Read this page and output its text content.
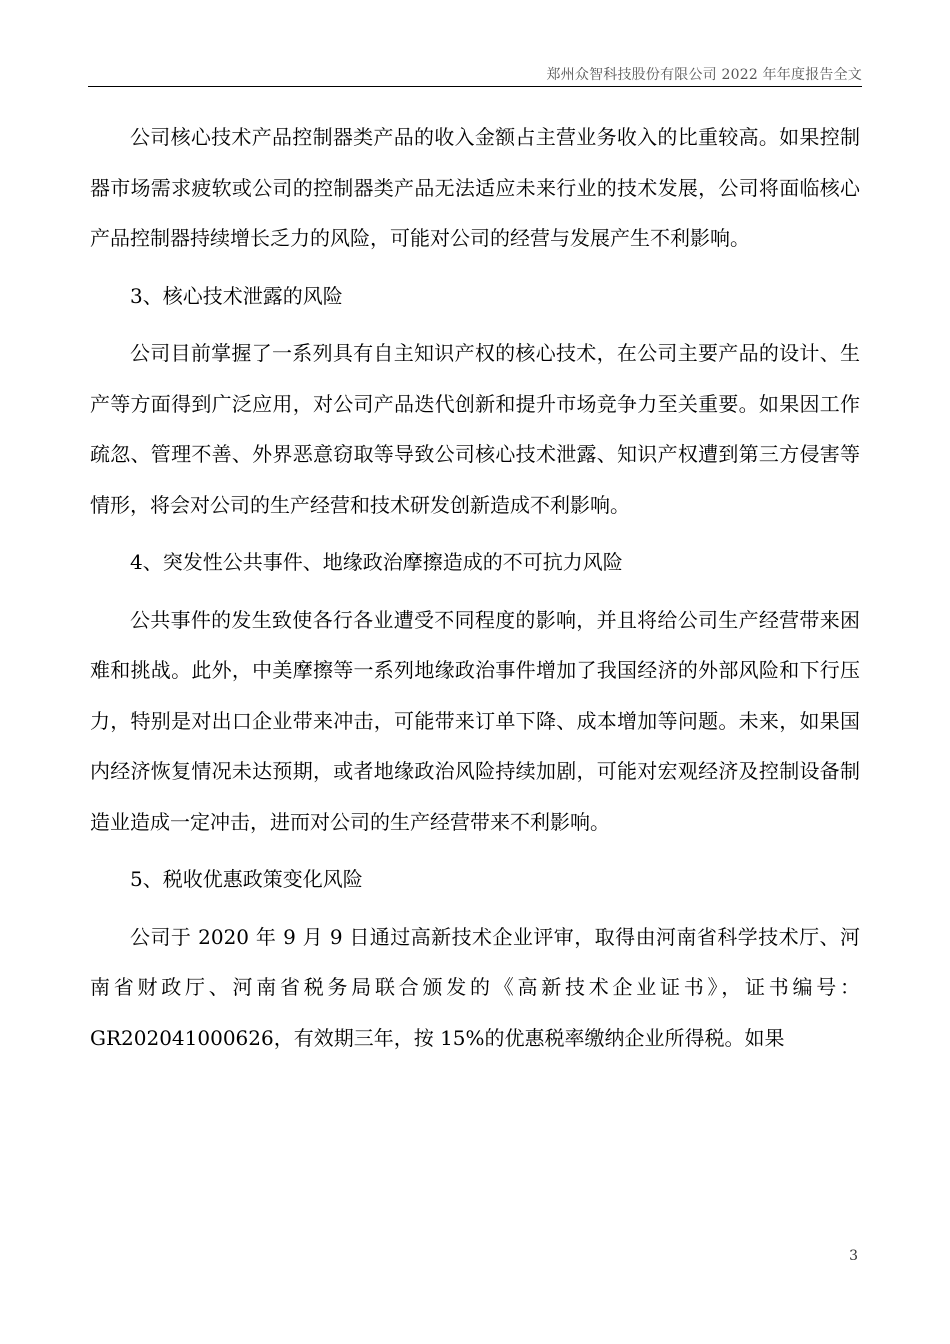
郑州众智科技股份有限公司 2022 年年度报告全文

公司核心技术产品控制器类产品的收入金额占主营业务收入的比重较高。如果控制器市场需求疲软或公司的控制器类产品无法适应未来行业的技术发展，公司将面临核心产品控制器持续增长乏力的风险，可能对公司的经营与发展产生不利影响。

3、核心技术泄露的风险

公司目前掌握了一系列具有自主知识产权的核心技术，在公司主要产品的设计、生产等方面得到广泛应用，对公司产品迭代创新和提升市场竞争力至关重要。如果因工作疏忽、管理不善、外界恶意窃取等导致公司核心技术泄露、知识产权遭到第三方侵害等情形，将会对公司的生产经营和技术研发创新造成不利影响。

4、突发性公共事件、地缘政治摩擦造成的不可抗力风险

公共事件的发生致使各行各业遭受不同程度的影响，并且将给公司生产经营带来困难和挑战。此外，中美摩擦等一系列地缘政治事件增加了我国经济的外部风险和下行压力，特别是对出口企业带来冲击，可能带来订单下降、成本增加等问题。未来，如果国内经济恢复情况未达预期，或者地缘政治风险持续加剧，可能对宏观经济及控制设备制造业造成一定冲击，进而对公司的生产经营带来不利影响。

5、税收优惠政策变化风险

公司于 2020 年 9 月 9 日通过高新技术企业评审，取得由河南省科学技术厅、河南省财政厅、河南省税务局联合颁发的《高新技术企业证书》，证书编号：GR202041000626，有效期三年，按 15%的优惠税率缴纳企业所得税。如果

3
